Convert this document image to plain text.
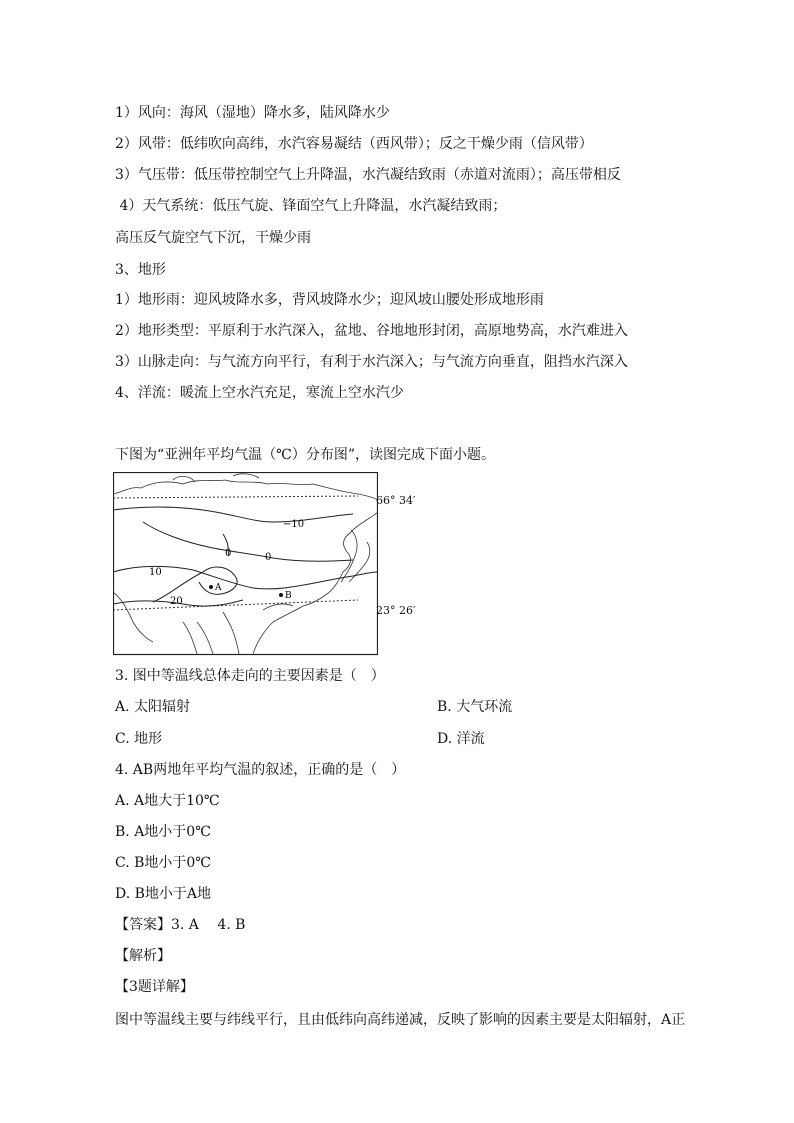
1）风向：海风（湿地）降水多，陆风降水少
2）风带：低纬吹向高纬，水汽容易凝结（西风带）；反之干燥少雨（信风带）
3）气压带：低压带控制空气上升降温，水汽凝结致雨（赤道对流雨）；高压带相反
4）天气系统：低压气旋、锋面空气上升降温，水汽凝结致雨；
高压反气旋空气下沉，干燥少雨
3、地形
1）地形雨：迎风坡降水多，背风坡降水少；迎风坡山腰处形成地形雨
2）地形类型：平原利于水汽深入，盆地、谷地地形封闭，高原地势高，水汽难进入
3）山脉走向：与气流方向平行，有利于水汽深入；与气流方向垂直，阻挡水汽深入
4、洋流：暖流上空水汽充足，寒流上空水汽少
下图为“亚洲年平均气温（℃）分布图”，读图完成下面小题。
−10
0	0
10
20
A
B
66° 34′
23° 26′
3. 图中等温线总体走向的主要因素是（　）
A. 太阳辐射	B. 大气环流
C. 地形	D. 洋流
4. AB两地年平均气温的叙述，正确的是（　）
A. A地大于10℃
B. A地小于0℃
C. B地小于0℃
D. B地小于A地
【答案】3. A　 4. B
【解析】
【3题详解】
图中等温线主要与纬线平行，且由低纬向高纬递减，反映了影响的因素主要是太阳辐射，A正
